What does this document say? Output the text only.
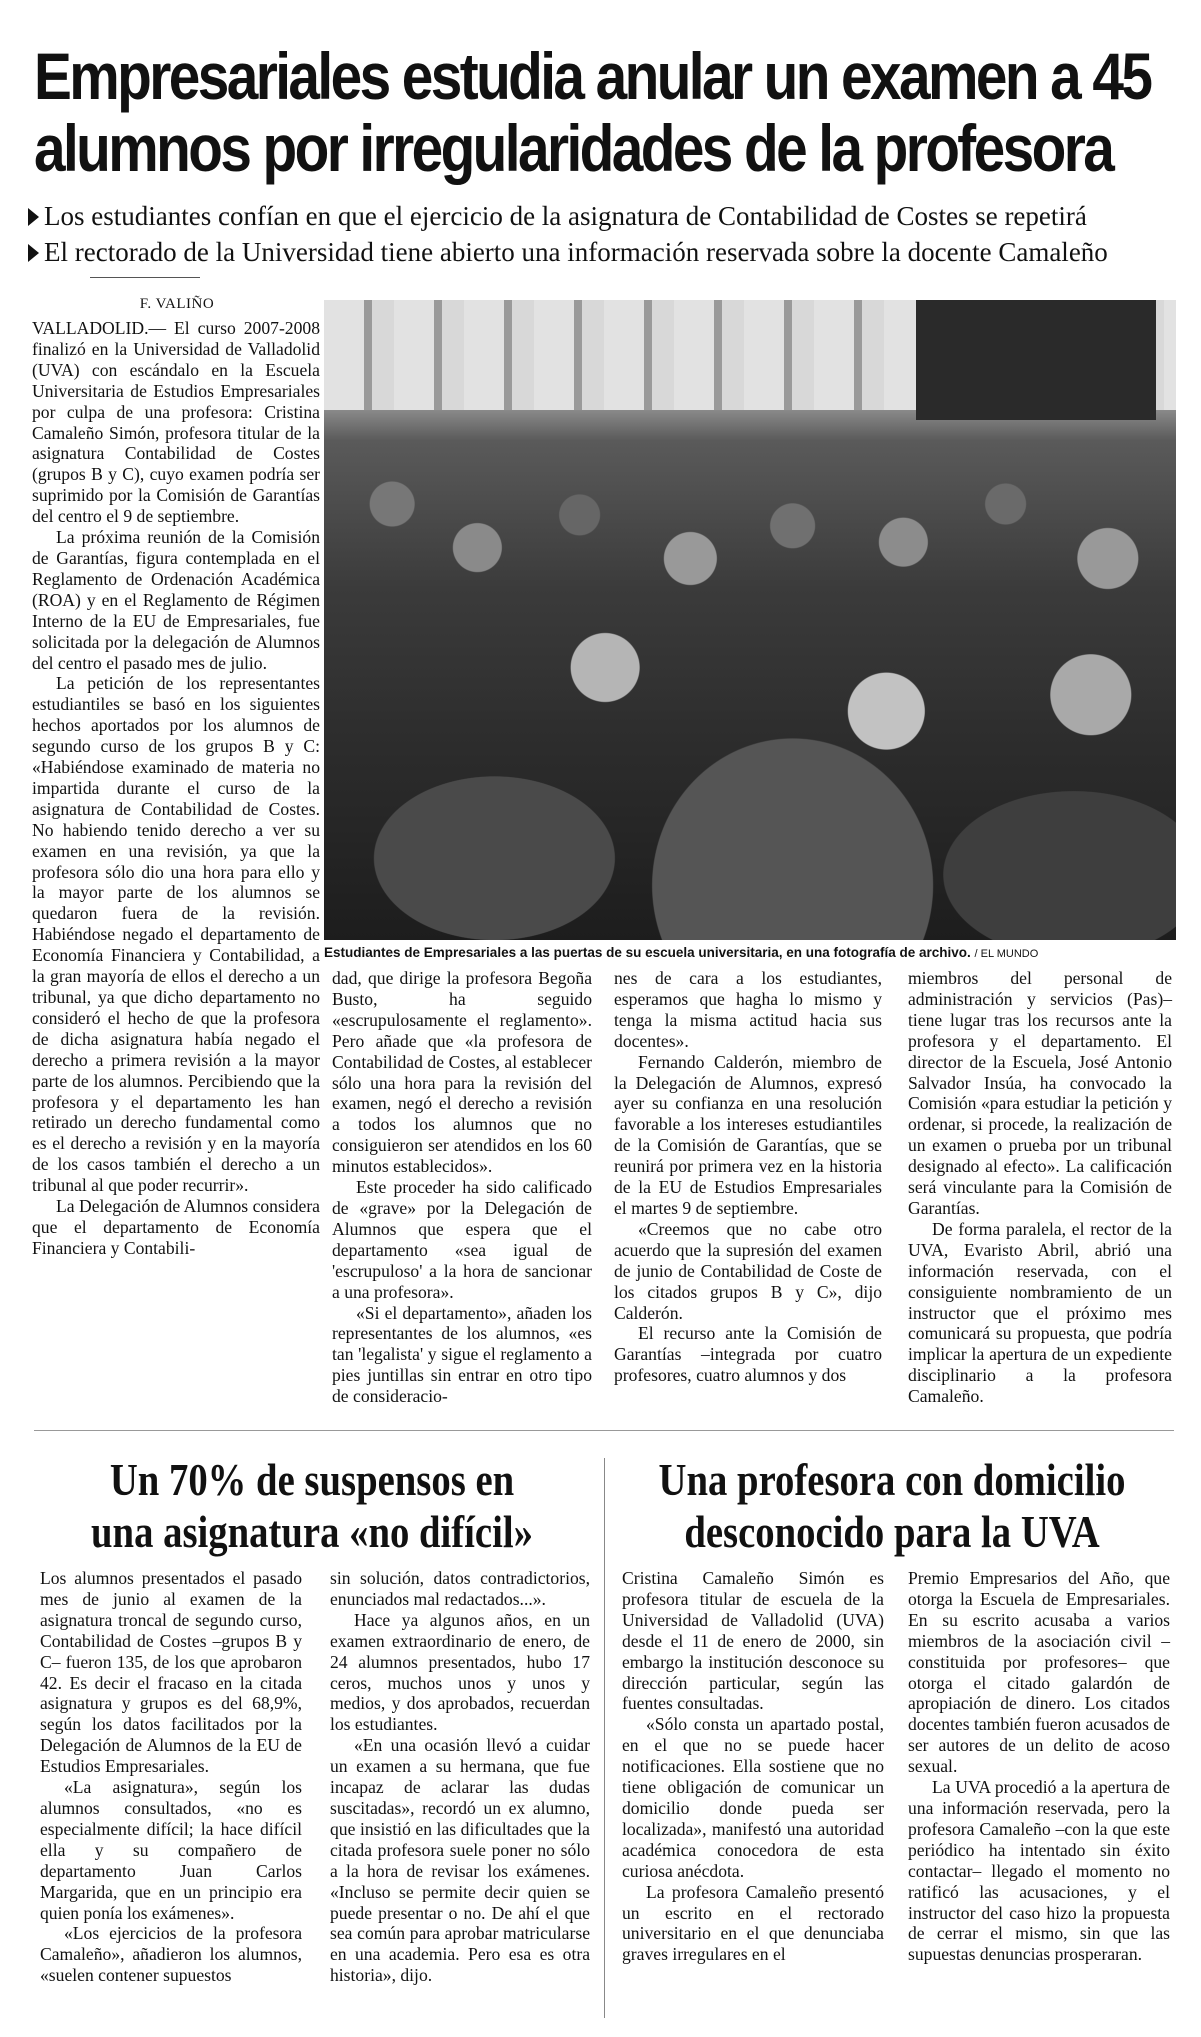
Empresariales estudia anular un examen a 45
alumnos por irregularidades de la profesora

Los estudiantes confían en que el ejercicio de la asignatura de Contabilidad de Costes se repetirá

El rectorado de la Universidad tiene abierto una información reservada sobre la docente Camaleño

F. VALIÑO

VALLADOLID.— El curso 2007-2008 finalizó en la Universidad de Valladolid (UVA) con escándalo en la Escuela Universitaria de Estudios Empresariales por culpa de una profesora: Cristina Camaleño Simón, profesora titular de la asignatura Contabilidad de Costes (grupos B y C), cuyo examen podría ser suprimido por la Comisión de Garantías del centro el 9 de septiembre.

La próxima reunión de la Comisión de Garantías, figura contemplada en el Reglamento de Ordenación Académica (ROA) y en el Reglamento de Régimen Interno de la EU de Empresariales, fue solicitada por la delegación de Alumnos del centro el pasado mes de julio.

La petición de los representantes estudiantiles se basó en los siguientes hechos aportados por los alumnos de segundo curso de los grupos B y C: «Habiéndose examinado de materia no impartida durante el curso de la asignatura de Contabilidad de Costes. No habiendo tenido derecho a ver su examen en una revisión, ya que la profesora sólo dio una hora para ello y la mayor parte de los alumnos se quedaron fuera de la revisión. Habiéndose negado el departamento de Economía Financiera y Contabilidad, a la gran mayoría de ellos el derecho a un tribunal, ya que dicho departamento no consideró el hecho de que la profesora de dicha asignatura había negado el derecho a primera revisión a la mayor parte de los alumnos. Percibiendo que la profesora y el departamento les han retirado un derecho fundamental como es el derecho a revisión y en la mayoría de los casos también el derecho a un tribunal al que poder recurrir».

La Delegación de Alumnos considera que el departamento de Economía Financiera y Contabili-

Estudiantes de Empresariales a las puertas de su escuela universitaria, en una fotografía de archivo. / EL MUNDO

dad, que dirige la profesora Begoña Busto, ha seguido «escrupulosamente el reglamento». Pero añade que «la profesora de Contabilidad de Costes, al establecer sólo una hora para la revisión del examen, negó el derecho a revisión a todos los alumnos que no consiguieron ser atendidos en los 60 minutos establecidos».

Este proceder ha sido calificado de «grave» por la Delegación de Alumnos que espera que el departamento «sea igual de 'escrupuloso' a la hora de sancionar a una profesora».

«Si el departamento», añaden los representantes de los alumnos, «es tan 'legalista' y sigue el reglamento a pies juntillas sin entrar en otro tipo de consideracio-

nes de cara a los estudiantes, esperamos que hagha lo mismo y tenga la misma actitud hacia sus docentes».

Fernando Calderón, miembro de la Delegación de Alumnos, expresó ayer su confianza en una resolución favorable a los intereses estudiantiles de la Comisión de Garantías, que se reunirá por primera vez en la historia de la EU de Estudios Empresariales el martes 9 de septiembre.

«Creemos que no cabe otro acuerdo que la supresión del examen de junio de Contabilidad de Coste de los citados grupos B y C», dijo Calderón.

El recurso ante la Comisión de Garantías –integrada por cuatro profesores, cuatro alumnos y dos

miembros del personal de administración y servicios (Pas)– tiene lugar tras los recursos ante la profesora y el departamento. El director de la Escuela, José Antonio Salvador Insúa, ha convocado la Comisión «para estudiar la petición y ordenar, si procede, la realización de un examen o prueba por un tribunal designado al efecto». La calificación será vinculante para la Comisión de Garantías.

De forma paralela, el rector de la UVA, Evaristo Abril, abrió una información reservada, con el consiguiente nombramiento de un instructor que el próximo mes comunicará su propuesta, que podría implicar la apertura de un expediente disciplinario a la profesora Camaleño.

Un 70% de suspensos en
una asignatura «no difícil»

Los alumnos presentados el pasado mes de junio al examen de la asignatura troncal de segundo curso, Contabilidad de Costes –grupos B y C– fueron 135, de los que aprobaron 42. Es decir el fracaso en la citada asignatura y grupos es del 68,9%, según los datos facilitados por la Delegación de Alumnos de la EU de Estudios Empresariales.

«La asignatura», según los alumnos consultados, «no es especialmente difícil; la hace difícil ella y su compañero de departamento Juan Carlos Margarida, que en un principio era quien ponía los exámenes».

«Los ejercicios de la profesora Camaleño», añadieron los alumnos, «suelen contener supuestos

sin solución, datos contradictorios, enunciados mal redactados...».

Hace ya algunos años, en un examen extraordinario de enero, de 24 alumnos presentados, hubo 17 ceros, muchos unos y unos y medios, y dos aprobados, recuerdan los estudiantes.

«En una ocasión llevó a cuidar un examen a su hermana, que fue incapaz de aclarar las dudas suscitadas», recordó un ex alumno, que insistió en las dificultades que la citada profesora suele poner no sólo a la hora de revisar los exámenes. «Incluso se permite decir quien se puede presentar o no. De ahí el que sea común para aprobar matricularse en una academia. Pero esa es otra historia», dijo.

Una profesora con domicilio
desconocido para la UVA

Cristina Camaleño Simón es profesora titular de escuela de la Universidad de Valladolid (UVA) desde el 11 de enero de 2000, sin embargo la institución desconoce su dirección particular, según las fuentes consultadas.

«Sólo consta un apartado postal, en el que no se puede hacer notificaciones. Ella sostiene que no tiene obligación de comunicar un domicilio donde pueda ser localizada», manifestó una autoridad académica conocedora de esta curiosa anécdota.

La profesora Camaleño presentó un escrito en el rectorado universitario en el que denunciaba graves irregulares en el

Premio Empresarios del Año, que otorga la Escuela de Empresariales. En su escrito acusaba a varios miembros de la asociación civil –constituida por profesores– que otorga el citado galardón de apropiación de dinero. Los citados docentes también fueron acusados de ser autores de un delito de acoso sexual.

La UVA procedió a la apertura de una información reservada, pero la profesora Camaleño –con la que este periódico ha intentado sin éxito contactar– llegado el momento no ratificó las acusaciones, y el instructor del caso hizo la propuesta de cerrar el mismo, sin que las supuestas denuncias prosperaran.
